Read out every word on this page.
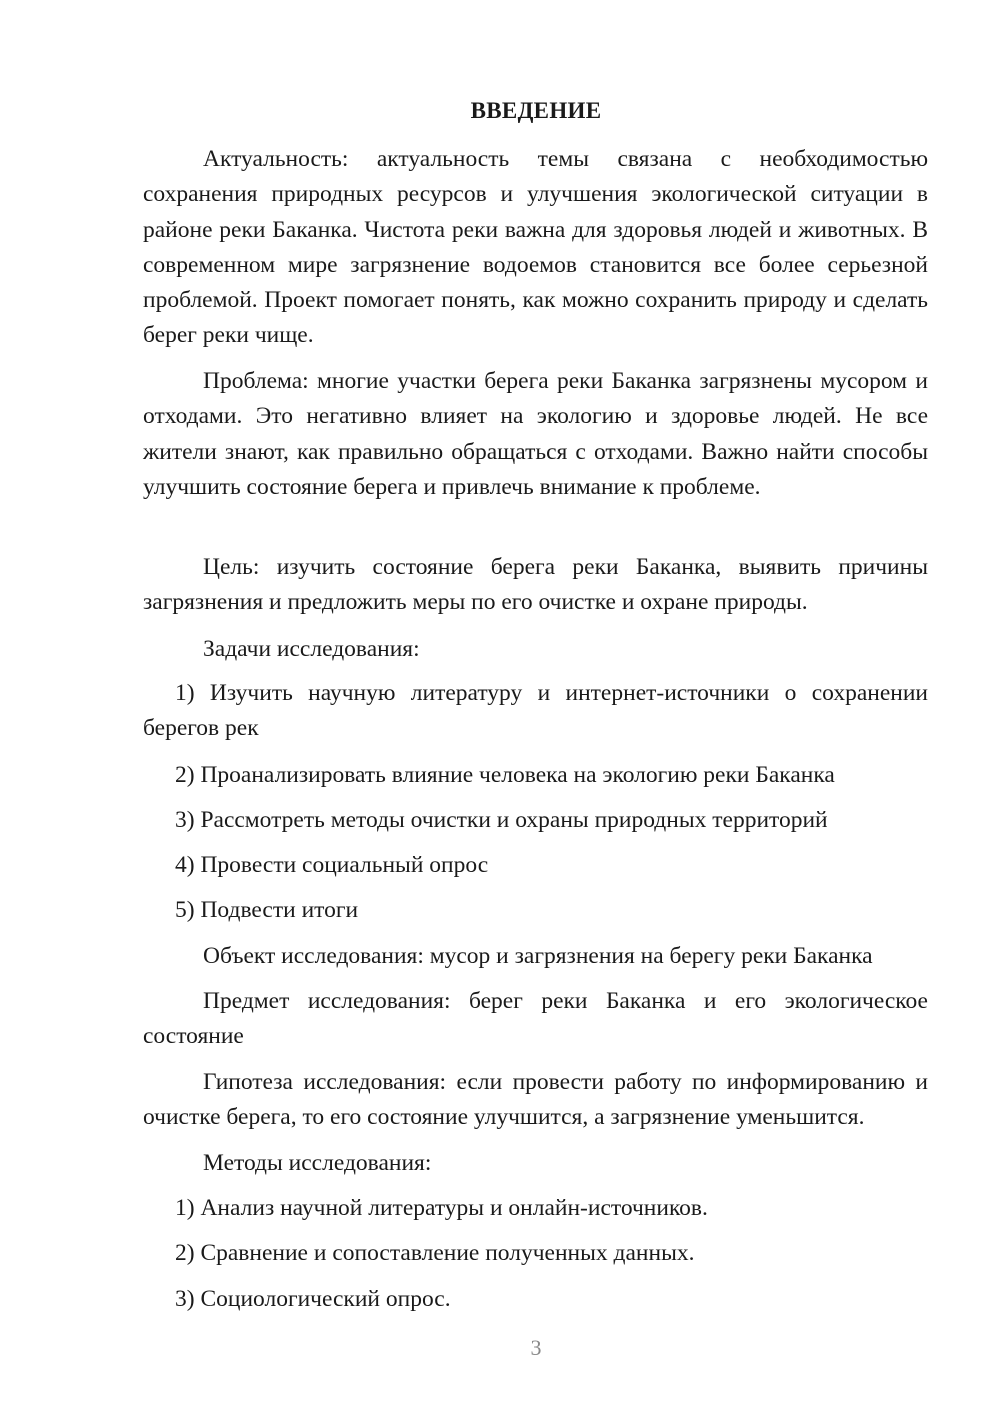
ВВЕДЕНИЕ

Актуальность: актуальность темы связана с необходимостью сохранения природных ресурсов и улучшения экологической ситуации в районе реки Баканка. Чистота реки важна для здоровья людей и животных. В современном мире загрязнение водоемов становится все более серьезной проблемой. Проект помогает понять, как можно сохранить природу и сделать берег реки чище.

Проблема: многие участки берега реки Баканка загрязнены мусором и отходами. Это негативно влияет на экологию и здоровье людей. Не все жители знают, как правильно обращаться с отходами. Важно найти способы улучшить состояние берега и привлечь внимание к проблеме.

Цель: изучить состояние берега реки Баканка, выявить причины загрязнения и предложить меры по его очистке и охране природы.

Задачи исследования:

1) Изучить научную литературу и интернет-источники о сохранении берегов рек

2) Проанализировать влияние человека на экологию реки Баканка
3) Рассмотреть методы очистки и охраны природных территорий
4) Провести социальный опрос
5) Подвести итоги
Объект исследования: мусор и загрязнения на берегу реки Баканка

Предмет исследования: берег реки Баканка и его экологическое состояние

Гипотеза исследования: если провести работу по информированию и очистке берега, то его состояние улучшится, а загрязнение уменьшится.

Методы исследования:
1) Анализ научной литературы и онлайн-источников.
2) Сравнение и сопоставление полученных данных.
3) Социологический опрос.
3
